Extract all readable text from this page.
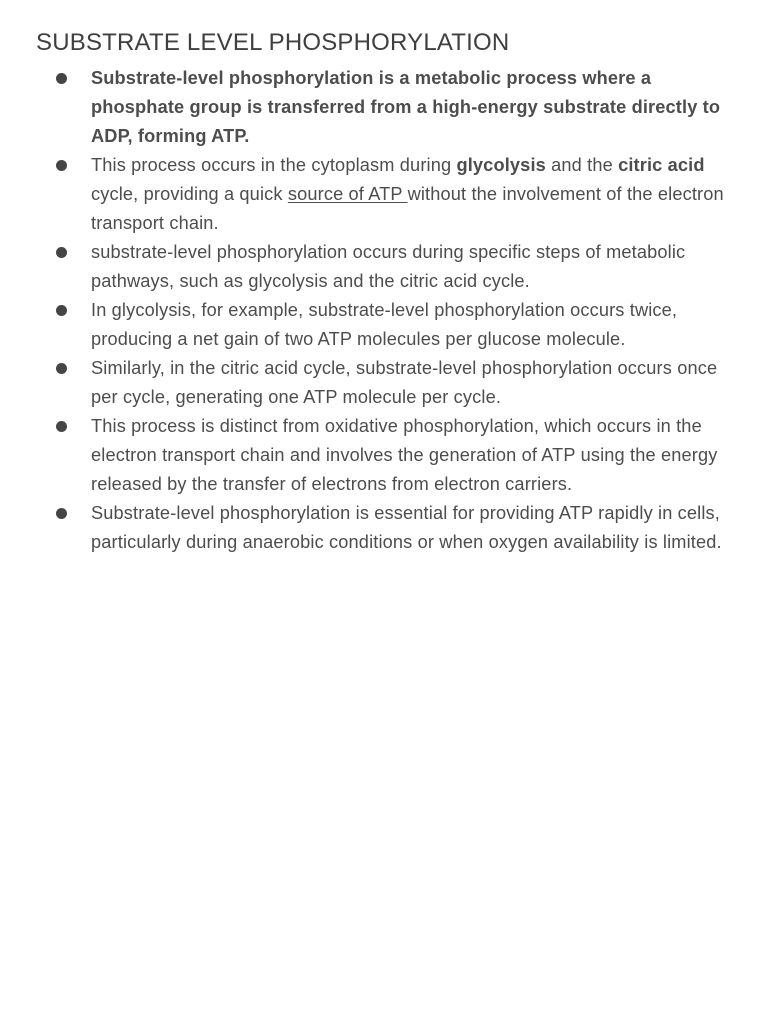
SUBSTRATE LEVEL PHOSPHORYLATION
Substrate-level phosphorylation is a metabolic process where a phosphate group is transferred from a high-energy substrate directly to ADP, forming ATP.
This process occurs in the cytoplasm during glycolysis and the citric acid cycle, providing a quick source of ATP without the involvement of the electron transport chain.
substrate-level phosphorylation occurs during specific steps of metabolic pathways, such as glycolysis and the citric acid cycle.
In glycolysis, for example, substrate-level phosphorylation occurs twice, producing a net gain of two ATP molecules per glucose molecule.
Similarly, in the citric acid cycle, substrate-level phosphorylation occurs once per cycle, generating one ATP molecule per cycle.
This process is distinct from oxidative phosphorylation, which occurs in the electron transport chain and involves the generation of ATP using the energy released by the transfer of electrons from electron carriers.
Substrate-level phosphorylation is essential for providing ATP rapidly in cells, particularly during anaerobic conditions or when oxygen availability is limited.
